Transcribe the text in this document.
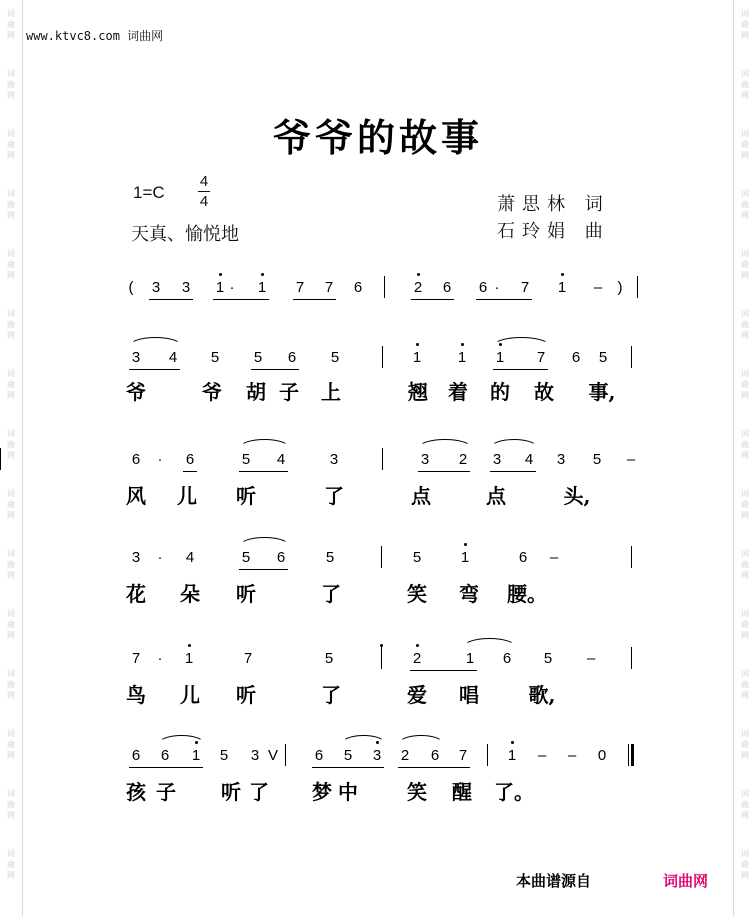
词
曲
网
词
曲
网
词
曲
网
词
曲
网
词
曲
网
词
曲
网
词
曲
网
词
曲
网
词
曲
网
词
曲
网
词
曲
网
词
曲
网
词
曲
网
词
曲
网
词
曲
网
词
曲
网
词
曲
网
词
曲
网
词
曲
网
词
曲
网
词
曲
网
词
曲
网
词
曲
网
词
曲
网
词
曲
网
词
曲
网
词
曲
网
词
曲
网
词
曲
网
词
曲
网
www.ktvc8.com 词曲网
爷爷的故事
1=C
4
4
天真、愉悦地
萧思林 词
石玲娟 曲
( 3 3 1 · 1 7 7 6	2 6 6 · 7 1 – )
3 4 5 5 6 5	1 1 1 7 6 5
爷	爷 胡 子 上	翘 着 的 故 事,
6 · 6	5 4	3	3 2 3 4 3 5 –
风 儿 听	了	点	点	头,
3 · 4	5 6	5	5	1	6 –
花 朵 听	了	笑 弯 腰。
7 · 1	7	5	2	1 6 5 –
鸟 儿 听	了	爱 唱 歌,
6 6 1 5 3 V 6 5 3 2 6 7	1 – – 0
孩 子 听 了 梦 中 笑 醒 了。
本曲谱源自	词曲网
